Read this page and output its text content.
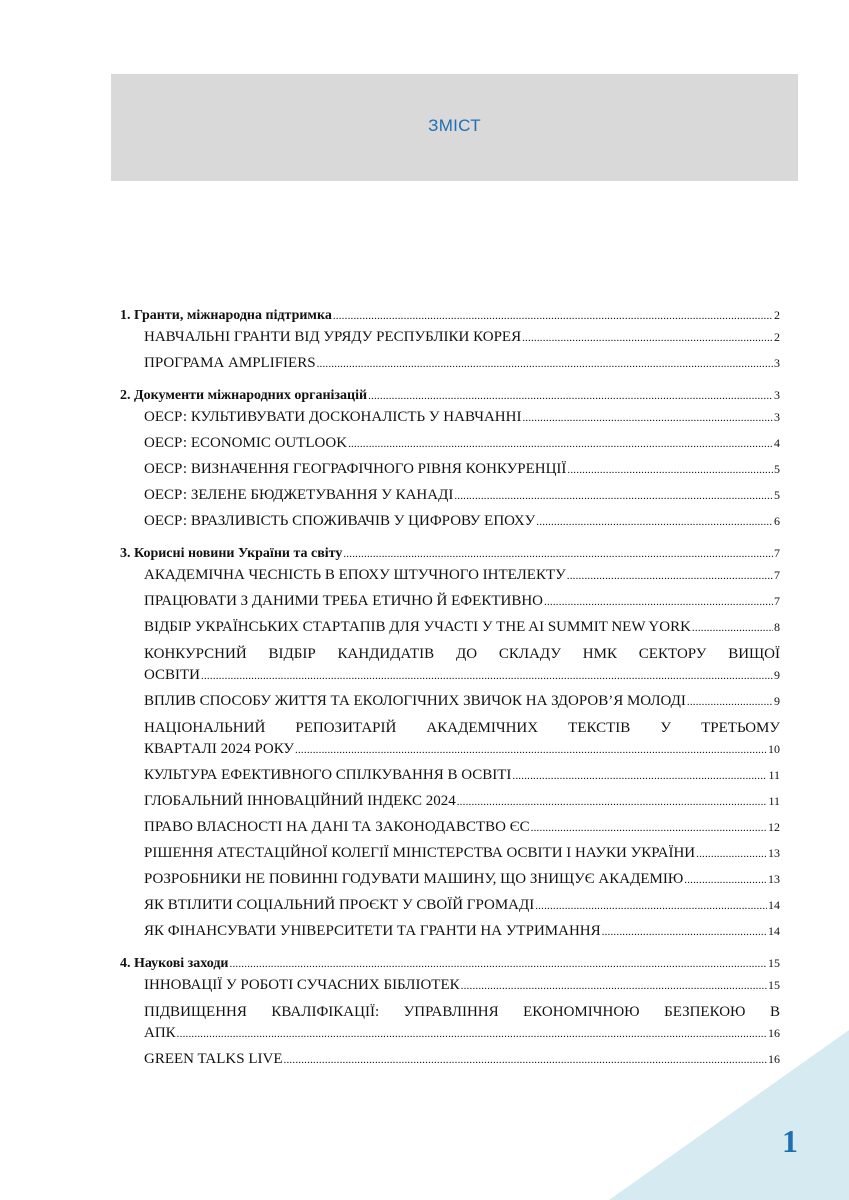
ЗМІСТ
1. Гранти, міжнародна підтримка .....	2
НАВЧАЛЬНІ ГРАНТИ ВІД УРЯДУ РЕСПУБЛІКИ КОРЕЯ .....	2
ПРОГРАМА AMPLIFIERS .....	3
2. Документи міжнародних організацій .....	3
ОЕСР: КУЛЬТИВУВАТИ ДОСКОНАЛІСТЬ У НАВЧАННІ .....	3
ОЕСР: ECONOMIC OUTLOOK .....	4
ОЕСР: ВИЗНАЧЕННЯ ГЕОГРАФІЧНОГО РІВНЯ КОНКУРЕНЦІЇ .....	5
ОЕСР: ЗЕЛЕНЕ БЮДЖЕТУВАННЯ У КАНАДІ .....	5
ОЕСР: ВРАЗЛИВІСТЬ СПОЖИВАЧІВ У ЦИФРОВУ ЕПОХУ .....	6
3. Корисні новини України та світу .....	7
АКАДЕМІЧНА ЧЕСНІСТЬ В ЕПОХУ ШТУЧНОГО ІНТЕЛЕКТУ .....	7
ПРАЦЮВАТИ З ДАНИМИ ТРЕБА ЕТИЧНО Й ЕФЕКТИВНО .....	7
ВІДБІР УКРАЇНСЬКИХ СТАРТАПІВ ДЛЯ УЧАСТІ У THE AI SUMMIT NEW YORK .....	8
КОНКУРСНИЙ ВІДБІР КАНДИДАТІВ ДО СКЛАДУ НМК СЕКТОРУ ВИЩОЇ
ОСВІТИ .....	9
ВПЛИВ СПОСОБУ ЖИТТЯ ТА ЕКОЛОГІЧНИХ ЗВИЧОК НА ЗДОРОВ’Я МОЛОДІ .....	9
НАЦІОНАЛЬНИЙ РЕПОЗИТАРІЙ АКАДЕМІЧНИХ ТЕКСТІВ У ТРЕТЬОМУ
КВАРТАЛІ 2024 РОКУ .....	10
КУЛЬТУРА ЕФЕКТИВНОГО СПІЛКУВАННЯ В ОСВІТІ .....	11
ГЛОБАЛЬНИЙ ІННОВАЦІЙНИЙ ІНДЕКС 2024 .....	11
ПРАВО ВЛАСНОСТІ НА ДАНІ ТА ЗАКОНОДАВСТВО ЄС .....	12
РІШЕННЯ АТЕСТАЦІЙНОЇ КОЛЕГІЇ МІНІСТЕРСТВА ОСВІТИ І НАУКИ УКРАЇНИ .....	13
РОЗРОБНИКИ НЕ ПОВИННІ ГОДУВАТИ МАШИНУ, ЩО ЗНИЩУЄ АКАДЕМІЮ .....	13
ЯК ВТІЛИТИ СОЦІАЛЬНИЙ ПРОЄКТ У СВОЇЙ ГРОМАДІ .....	14
ЯК ФІНАНСУВАТИ УНІВЕРСИТЕТИ ТА ГРАНТИ НА УТРИМАННЯ .....	14
4. Наукові заходи .....	15
ІННОВАЦІЇ У РОБОТІ СУЧАСНИХ БІБЛІОТЕК .....	15
ПІДВИЩЕННЯ КВАЛІФІКАЦІЇ: УПРАВЛІННЯ ЕКОНОМІЧНОЮ БЕЗПЕКОЮ В
АПК .....	16
GREEN TALKS LIVE .....	16
1
